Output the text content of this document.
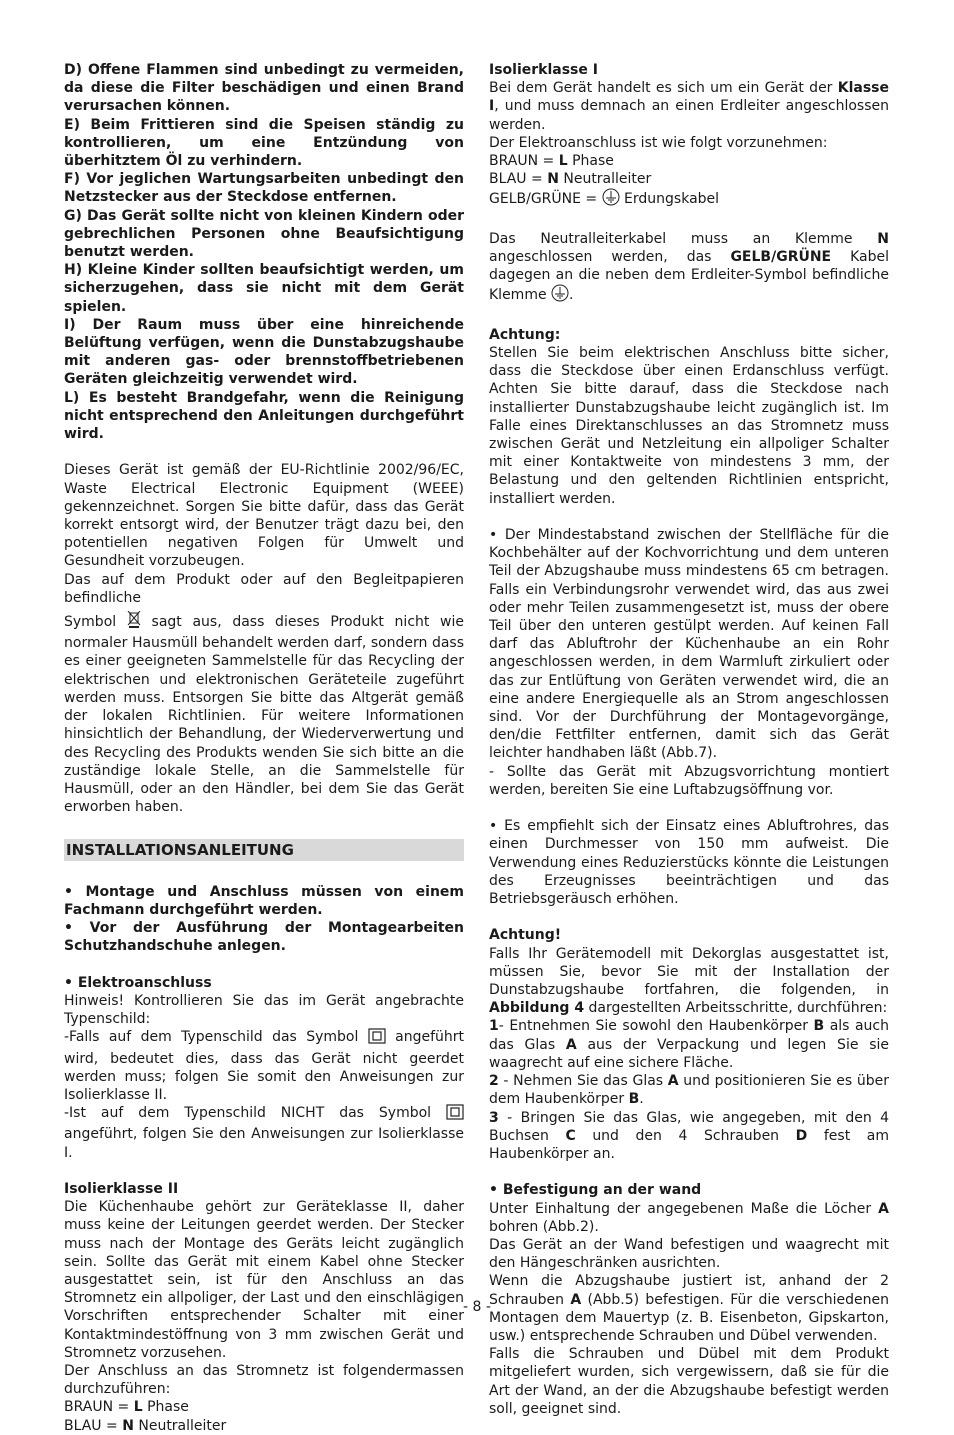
D) Offene Flammen sind unbedingt zu vermeiden, da diese die Filter beschädigen und einen Brand verursachen können.

E) Beim Frittieren sind die Speisen ständig zu kontrollieren, um eine Entzündung von überhitztem Öl zu verhindern.

F) Vor jeglichen Wartungsarbeiten unbedingt den Netzstecker aus der Steckdose entfernen.

G) Das Gerät sollte nicht von kleinen Kindern oder gebrechlichen Personen ohne Beaufsichtigung benutzt werden.

H) Kleine Kinder sollten beaufsichtigt werden, um sicherzugehen, dass sie nicht mit dem Gerät spielen.

I) Der Raum muss über eine hinreichende Belüftung verfügen, wenn die Dunstabzugshaube mit anderen gas- oder brennstoffbetriebenen Geräten gleichzeitig verwendet wird.

L) Es besteht Brandgefahr, wenn die Reinigung nicht entsprechend den Anleitungen durchgeführt wird.

Dieses Gerät ist gemäß der EU-Richtlinie 2002/96/EC, Waste Electrical Electronic Equipment (WEEE) gekennzeichnet. Sorgen Sie bitte dafür, dass das Gerät korrekt entsorgt wird, der Benutzer trägt dazu bei, den potentiellen negativen Folgen für Umwelt und Gesundheit vorzubeugen.

Das auf dem Produkt oder auf den Begleitpapieren befindliche

Symbol	sagt aus, dass dieses Produkt nicht wie normaler Hausmüll behandelt werden darf, sondern dass es einer geeigneten Sammelstelle für das Recycling der elektrischen und elektronischen Geräteteile zugeführt werden muss. Entsorgen Sie bitte das Altgerät gemäß der lokalen Richtlinien. Für weitere Informationen hinsichtlich der Behandlung, der Wiederverwertung und des Recycling des Produkts wenden Sie sich bitte an die zuständige lokale Stelle, an die Sammelstelle für Hausmüll, oder an den Händler, bei dem Sie das Gerät erworben haben.

INSTALLATIONSANLEITUNG

• Montage und Anschluss müssen von einem Fachmann durchgeführt werden.

• Vor der Ausführung der Montagearbeiten Schutzhandschuhe anlegen.

• Elektroanschluss

Hinweis! Kontrollieren Sie das im Gerät angebrachte Typenschild:

-Falls auf dem Typenschild das Symbol	angeführt wird, bedeutet dies, dass das Gerät nicht geerdet werden muss; folgen Sie somit den Anweisungen zur Isolierklasse II.

-Ist auf dem Typenschild NICHT das Symbol  angeführt, folgen Sie den Anweisungen zur Isolierklasse I.

Isolierklasse II

Die Küchenhaube gehört zur Geräteklasse II, daher muss keine der Leitungen geerdet werden. Der Stecker muss nach der Montage des Geräts leicht zugänglich sein. Sollte das Gerät mit einem Kabel ohne Stecker ausgestattet sein, ist für den Anschluss an das Stromnetz ein allpoliger, der Last und den einschlägigen Vorschriften entsprechender Schalter mit einer Kontaktmindestöffnung von 3 mm zwischen Gerät und Stromnetz vorzusehen.

Der Anschluss an das Stromnetz ist folgendermassen durchzuführen:

BRAUN = L Phase

BLAU = N Neutralleiter

Isolierklasse I

Bei dem Gerät handelt es sich um ein Gerät der Klasse I, und muss demnach an einen Erdleiter angeschlossen werden.

Der Elektroanschluss ist wie folgt vorzunehmen:

BRAUN = L Phase

BLAU = N Neutralleiter

GELB/GRÜNE =  Erdungskabel

Das Neutralleiterkabel muss an Klemme N angeschlossen werden, das GELB/GRÜNE Kabel dagegen an die neben dem Erdleiter-Symbol befindliche Klemme .

Achtung:

Stellen Sie beim elektrischen Anschluss bitte sicher, dass die Steckdose über einen Erdanschluss verfügt. Achten Sie bitte darauf, dass die Steckdose nach installierter Dunstabzugshaube leicht zugänglich ist. Im Falle eines Direktanschlusses an das Stromnetz muss zwischen Gerät und Netzleitung ein allpoliger Schalter mit einer Kontaktweite von mindestens 3 mm, der Belastung und den geltenden Richtlinien entspricht, installiert werden.

• Der Mindestabstand zwischen der Stellfläche für die Kochbehälter auf der Kochvorrichtung und dem unteren Teil der Abzugshaube muss mindestens 65 cm betragen. Falls ein Verbindungsrohr verwendet wird, das aus zwei oder mehr Teilen zusammengesetzt ist, muss der obere Teil über den unteren gestülpt werden. Auf keinen Fall darf das Abluftrohr der Küchenhaube an ein Rohr angeschlossen werden, in dem Warmluft zirkuliert oder das zur Entlüftung von Geräten verwendet wird, die an eine andere Energiequelle als an Strom angeschlossen sind. Vor der Durchführung der Montagevorgänge, den/die Fettfilter entfernen, damit sich das Gerät leichter handhaben läßt (Abb.7).

- Sollte das Gerät mit Abzugsvorrichtung montiert werden, bereiten Sie eine Luftabzugsöffnung vor.

• Es empfiehlt sich der Einsatz eines Abluftrohres, das einen Durchmesser von 150 mm aufweist. Die Verwendung eines Reduzierstücks könnte die Leistungen des Erzeugnisses beeinträchtigen und das Betriebsgeräusch erhöhen.

Achtung!

Falls Ihr Gerätemodell mit Dekorglas ausgestattet ist, müssen Sie, bevor Sie mit der Installation der Dunstabzugshaube fortfahren, die folgenden, in Abbildung 4 dargestellten Arbeitsschritte, durchführen:

1- Entnehmen Sie sowohl den Haubenkörper B als auch das Glas A aus der Verpackung und legen Sie sie waagrecht auf eine sichere Fläche.

2 - Nehmen Sie das Glas A und positionieren Sie es über dem Haubenkörper B.

3 - Bringen Sie das Glas, wie angegeben, mit den 4 Buchsen C und den 4 Schrauben D fest am Haubenkörper an.

• Befestigung an der wand

Unter Einhaltung der angegebenen Maße die Löcher A bohren (Abb.2).

Das Gerät an der Wand befestigen und waagrecht mit den Hängeschränken ausrichten.

Wenn die Abzugshaube justiert ist, anhand der 2 Schrauben A (Abb.5) befestigen. Für die verschiedenen Montagen dem Mauertyp (z. B. Eisenbeton, Gipskarton, usw.) entsprechende Schrauben und Dübel verwenden.

Falls die Schrauben und Dübel mit dem Produkt mitgeliefert wurden, sich vergewissern, daß sie für die Art der Wand, an der die Abzugshaube befestigt werden soll, geeignet sind.

- 8 -
